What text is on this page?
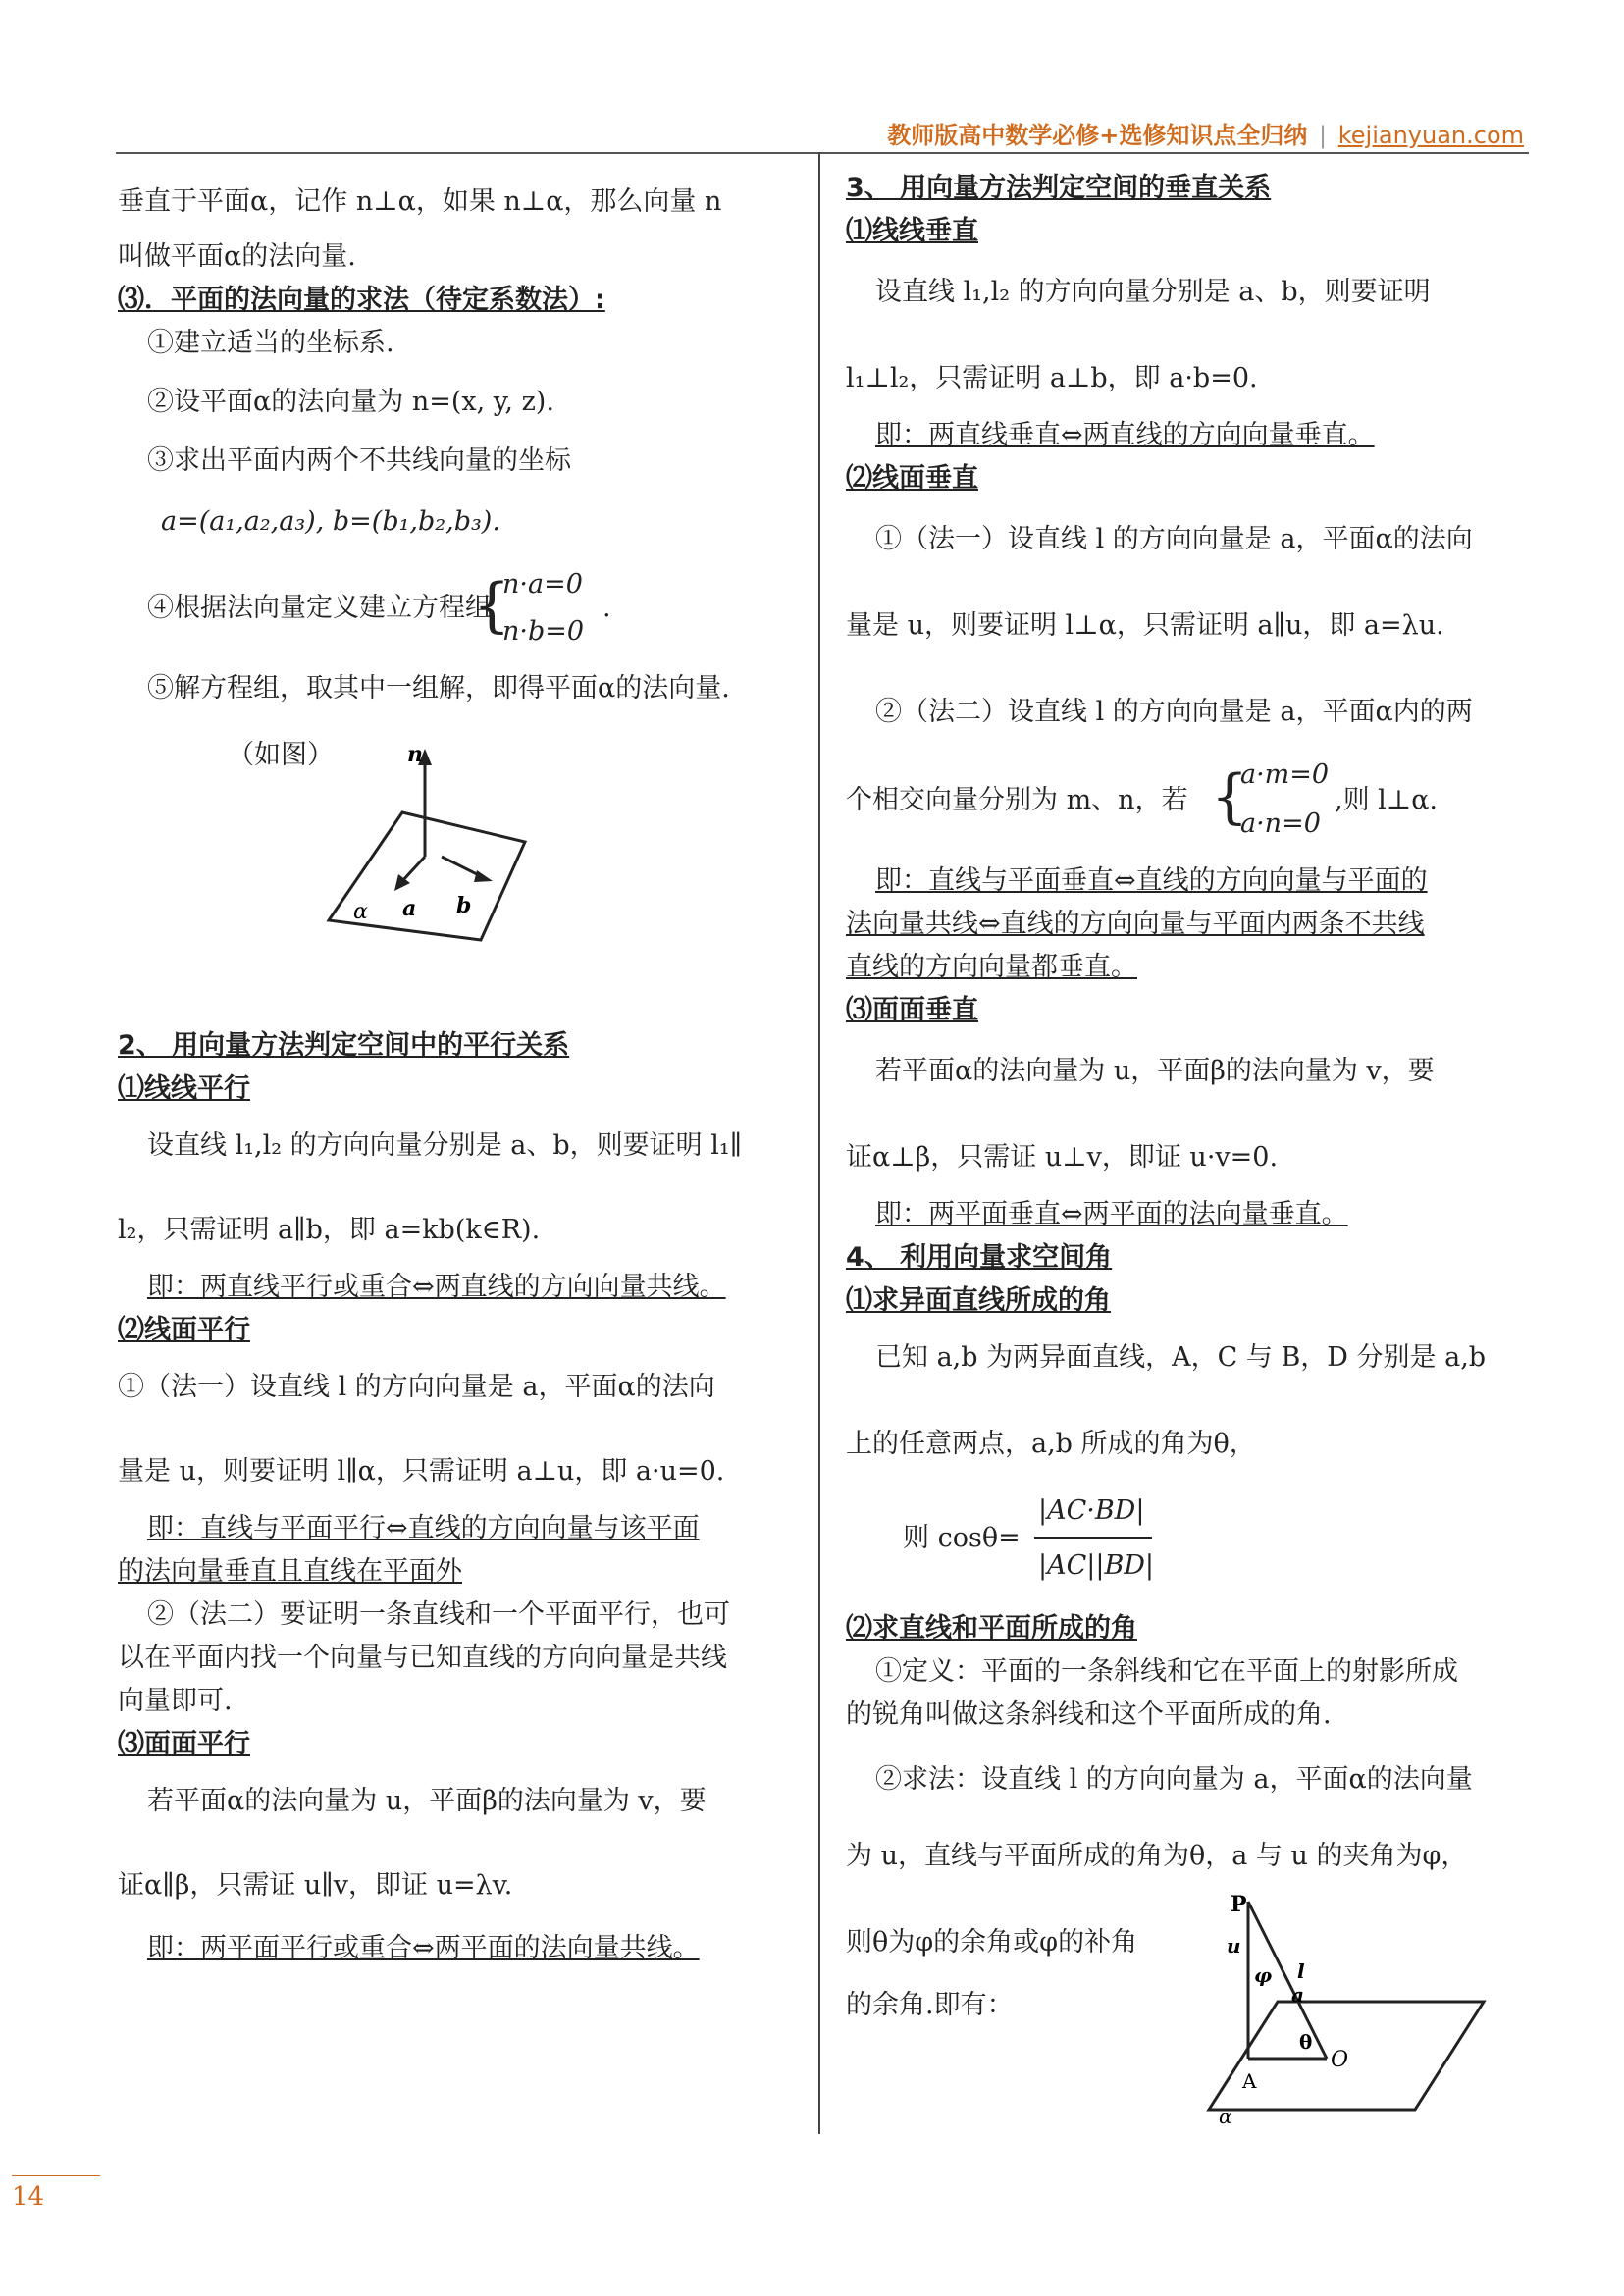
教师版高中数学必修+选修知识点全归纳 | kejianyuan.com
垂直于平面α，记作 n⊥α，如果 n⊥α，那么向量 n
叫做平面α的法向量.
⑶．平面的法向量的求法（待定系数法）:
①建立适当的坐标系.
②设平面α的法向量为 n=(x, y, z).
③求出平面内两个不共线向量的坐标
a=(a₁,a₂,a₃), b=(b₁,b₂,b₃).
④根据法向量定义建立方程组
{
n·a=0
n·b=0
.
⑤解方程组，取其中一组解，即得平面α的法向量.
（如图）	n
a b
α
2、 用向量方法判定空间中的平行关系
⑴线线平行
设直线 l₁,l₂ 的方向向量分别是 a、b，则要证明 l₁∥
l₂，只需证明 a∥b，即 a=kb(k∈R).
即：两直线平行或重合⇔两直线的方向向量共线。
⑵线面平行
①（法一）设直线 l 的方向向量是 a，平面α的法向
量是 u，则要证明 l∥α，只需证明 a⊥u，即 a·u=0.
即：直线与平面平行⇔直线的方向向量与该平面
的法向量垂直且直线在平面外
②（法二）要证明一条直线和一个平面平行，也可
以在平面内找一个向量与已知直线的方向向量是共线
向量即可.
⑶面面平行
若平面α的法向量为 u，平面β的法向量为 v，要
证α∥β，只需证 u∥v，即证 u=λv.
即：两平面平行或重合⇔两平面的法向量共线。
3、 用向量方法判定空间的垂直关系
⑴线线垂直
设直线 l₁,l₂ 的方向向量分别是 a、b，则要证明
l₁⊥l₂，只需证明 a⊥b，即 a·b=0.
即：两直线垂直⇔两直线的方向向量垂直。
⑵线面垂直
①（法一）设直线 l 的方向向量是 a，平面α的法向
量是 u，则要证明 l⊥α，只需证明 a∥u，即 a=λu.
②（法二）设直线 l 的方向向量是 a，平面α内的两
个相交向量分别为 m、n，若 {
a·m=0
a·n=0
,则 l⊥α.
即：直线与平面垂直⇔直线的方向向量与平面的
法向量共线⇔直线的方向向量与平面内两条不共线
直线的方向向量都垂直。
⑶面面垂直
若平面α的法向量为 u，平面β的法向量为 v，要
证α⊥β，只需证 u⊥v，即证 u·v=0.
即：两平面垂直⇔两平面的法向量垂直。
4、 利用向量求空间角
⑴求异面直线所成的角
已知 a,b 为两异面直线，A，C 与 B，D 分别是 a,b
上的任意两点，a,b 所成的角为θ，
则 cosθ=
|AC·BD|
|AC||BD|
⑵求直线和平面所成的角
①定义：平面的一条斜线和它在平面上的射影所成
的锐角叫做这条斜线和这个平面所成的角.
②求法：设直线 l 的方向向量为 a，平面α的法向量
为 u，直线与平面所成的角为θ，a 与 u 的夹角为φ，
则θ为φ的余角或φ的补角
的余角.即有：
P
u
φ l
a
A
θ
O
α
14
